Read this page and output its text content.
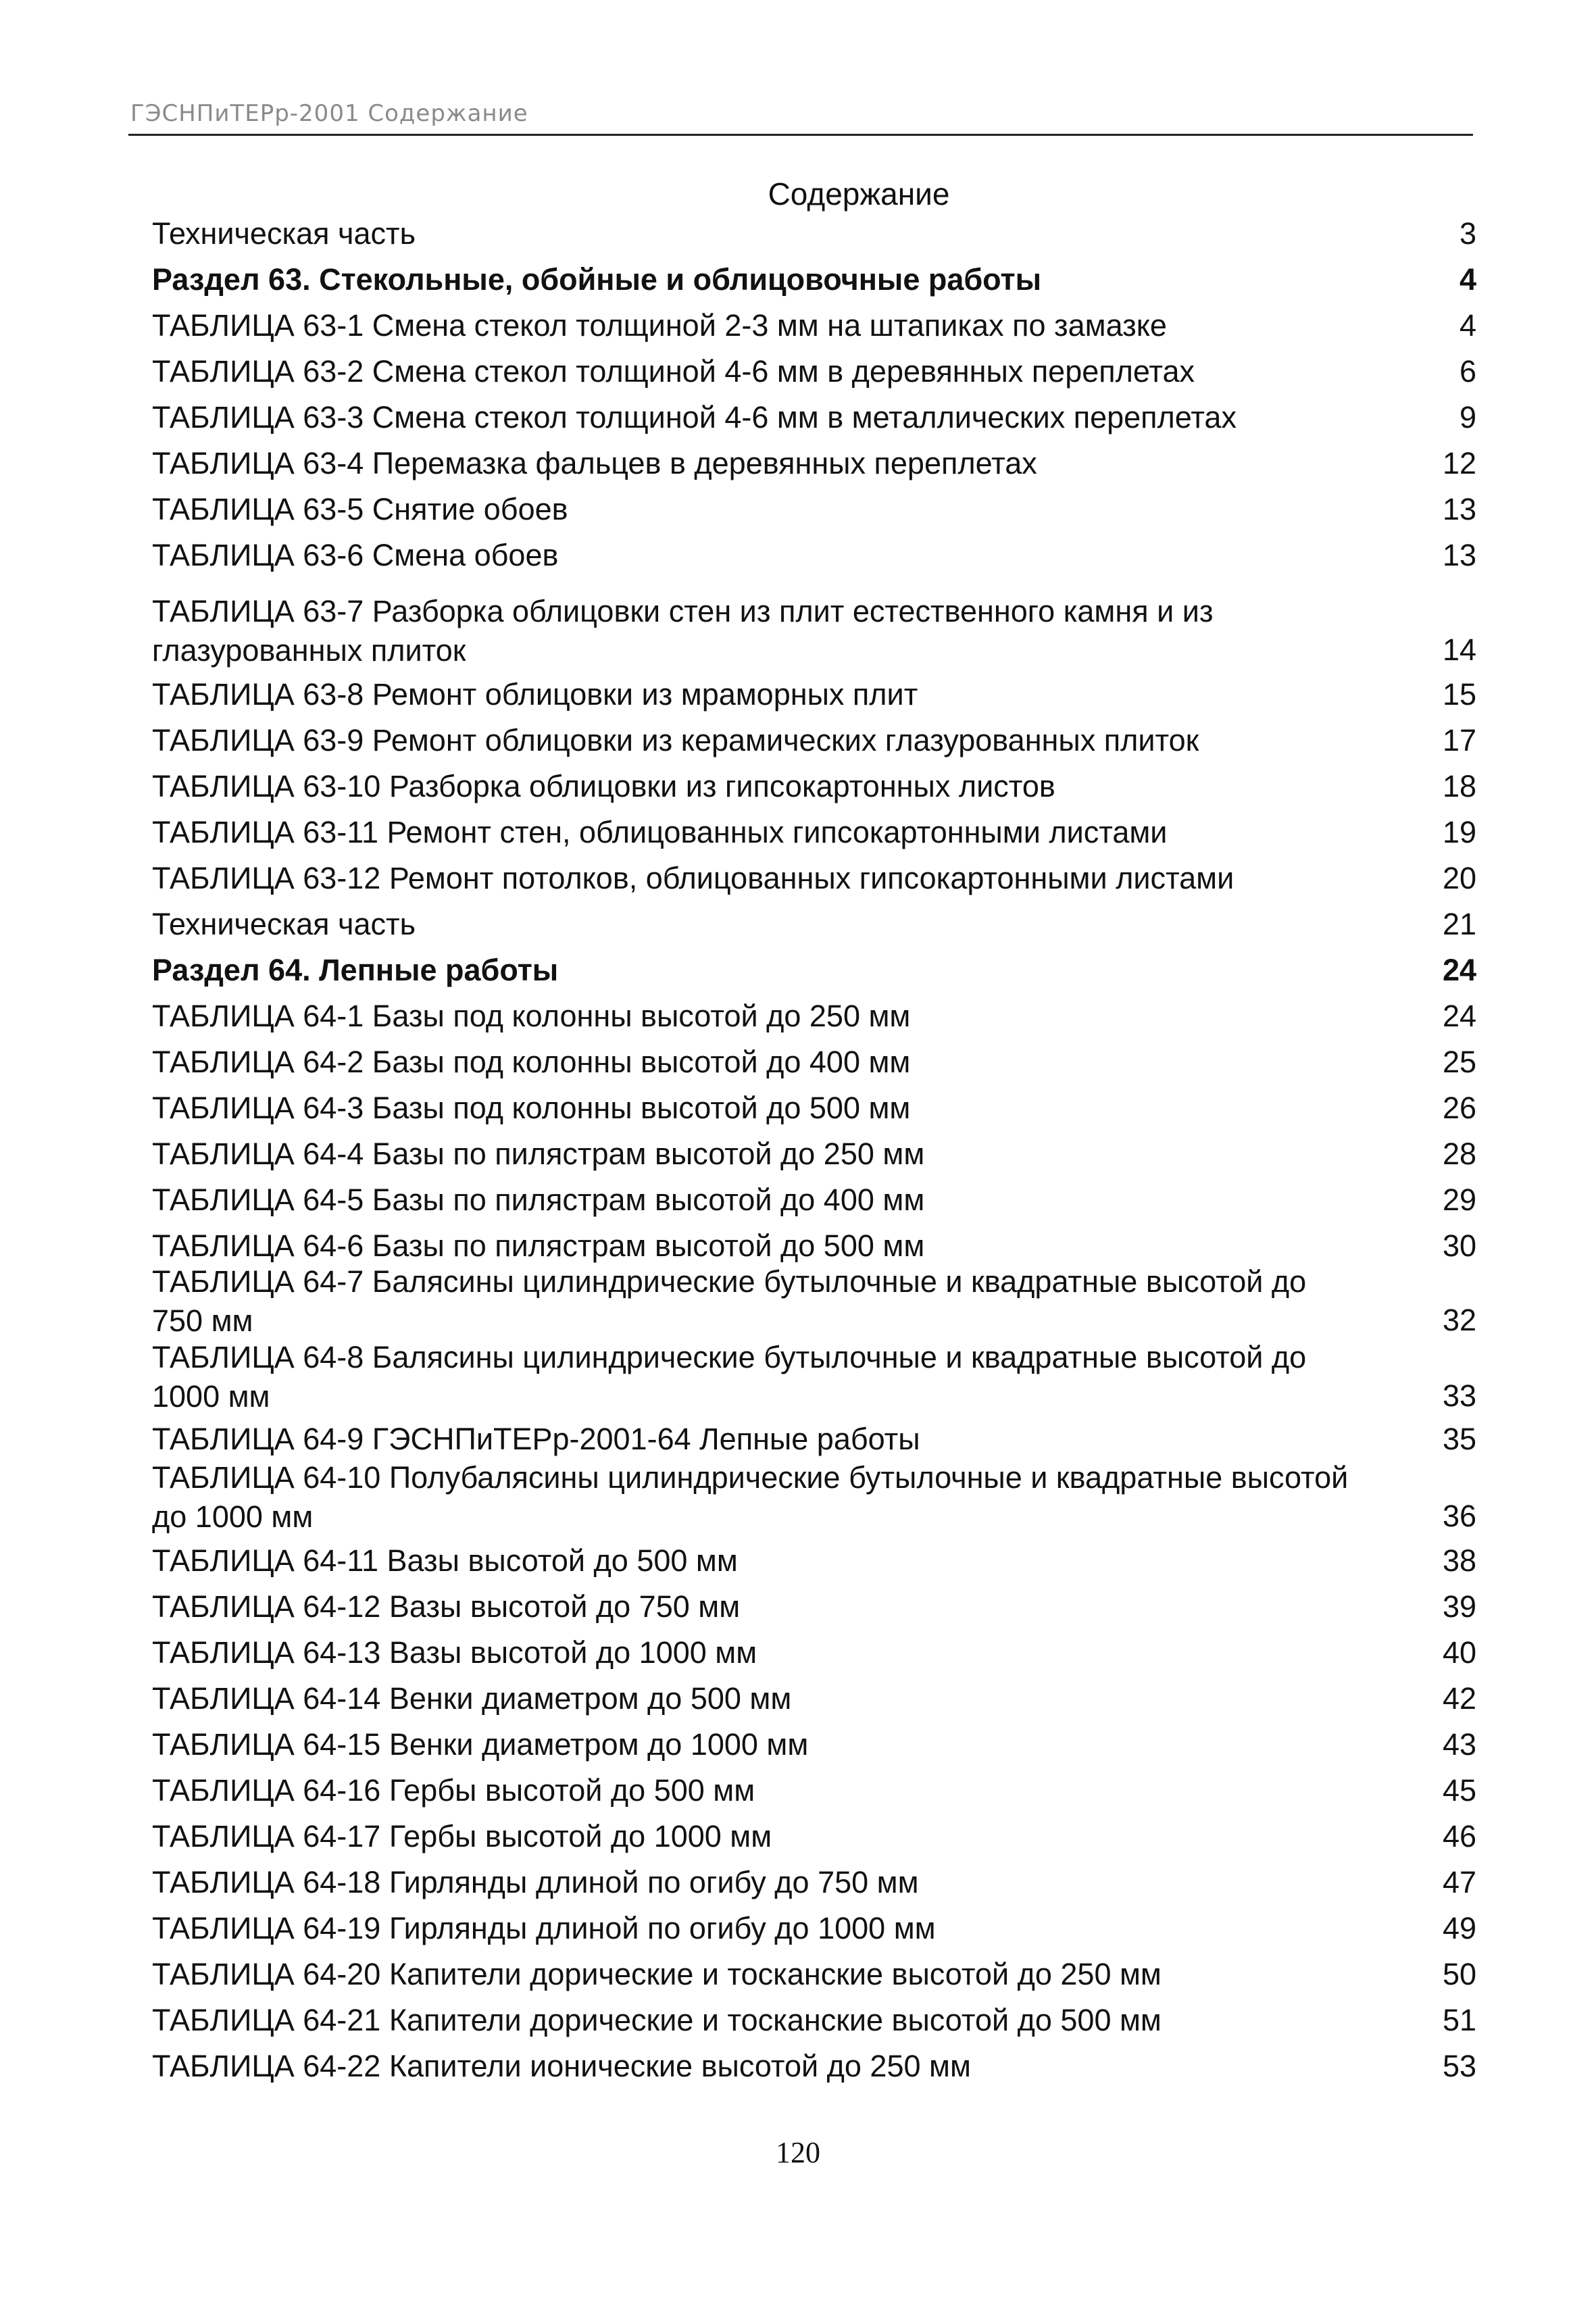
ГЭСНПиТЕРр-2001 Содержание
Содержание
Техническая часть	3
Раздел 63. Стекольные, обойные и облицовочные работы	4
ТАБЛИЦА 63-1 Смена стекол толщиной 2-3 мм на штапиках по замазке	4
ТАБЛИЦА 63-2 Смена стекол толщиной 4-6 мм в деревянных переплетах	6
ТАБЛИЦА 63-3 Смена стекол толщиной 4-6 мм в металлических переплетах	9
ТАБЛИЦА 63-4 Перемазка фальцев в деревянных переплетах	12
ТАБЛИЦА 63-5 Снятие обоев	13
ТАБЛИЦА 63-6 Смена обоев	13
ТАБЛИЦА 63-7 Разборка облицовки стен из плит естественного камня и из глазурованных плиток	14
ТАБЛИЦА 63-8 Ремонт облицовки из мраморных плит	15
ТАБЛИЦА 63-9 Ремонт облицовки из керамических глазурованных плиток	17
ТАБЛИЦА 63-10 Разборка облицовки из гипсокартонных листов	18
ТАБЛИЦА 63-11 Ремонт стен, облицованных гипсокартонными листами	19
ТАБЛИЦА 63-12 Ремонт потолков, облицованных гипсокартонными листами	20
Техническая часть	21
Раздел 64. Лепные работы	24
ТАБЛИЦА 64-1 Базы под колонны высотой до 250 мм	24
ТАБЛИЦА 64-2 Базы под колонны высотой до 400 мм	25
ТАБЛИЦА 64-3 Базы под колонны высотой до 500 мм	26
ТАБЛИЦА 64-4 Базы по пилястрам высотой до 250 мм	28
ТАБЛИЦА 64-5 Базы по пилястрам высотой до 400 мм	29
ТАБЛИЦА 64-6 Базы по пилястрам высотой до 500 мм	30
ТАБЛИЦА 64-7 Балясины цилиндрические бутылочные и квадратные высотой до 750 мм	32
ТАБЛИЦА 64-8 Балясины цилиндрические бутылочные и квадратные высотой до 1000 мм	33
ТАБЛИЦА 64-9 ГЭСНПиТЕРр-2001-64 Лепные работы	35
ТАБЛИЦА 64-10 Полубалясины цилиндрические бутылочные и квадратные высотой до 1000 мм	36
ТАБЛИЦА 64-11 Вазы высотой до 500 мм	38
ТАБЛИЦА 64-12 Вазы высотой до 750 мм	39
ТАБЛИЦА 64-13 Вазы высотой до 1000 мм	40
ТАБЛИЦА 64-14 Венки диаметром до 500 мм	42
ТАБЛИЦА 64-15 Венки диаметром до 1000 мм	43
ТАБЛИЦА 64-16 Гербы высотой до 500 мм	45
ТАБЛИЦА 64-17 Гербы высотой до 1000 мм	46
ТАБЛИЦА 64-18 Гирлянды длиной по огибу до 750 мм	47
ТАБЛИЦА 64-19 Гирлянды длиной по огибу до 1000 мм	49
ТАБЛИЦА 64-20 Капители дорические и тосканские высотой до 250 мм	50
ТАБЛИЦА 64-21 Капители дорические и тосканские высотой до 500 мм	51
ТАБЛИЦА 64-22 Капители ионические высотой до 250 мм	53
120
